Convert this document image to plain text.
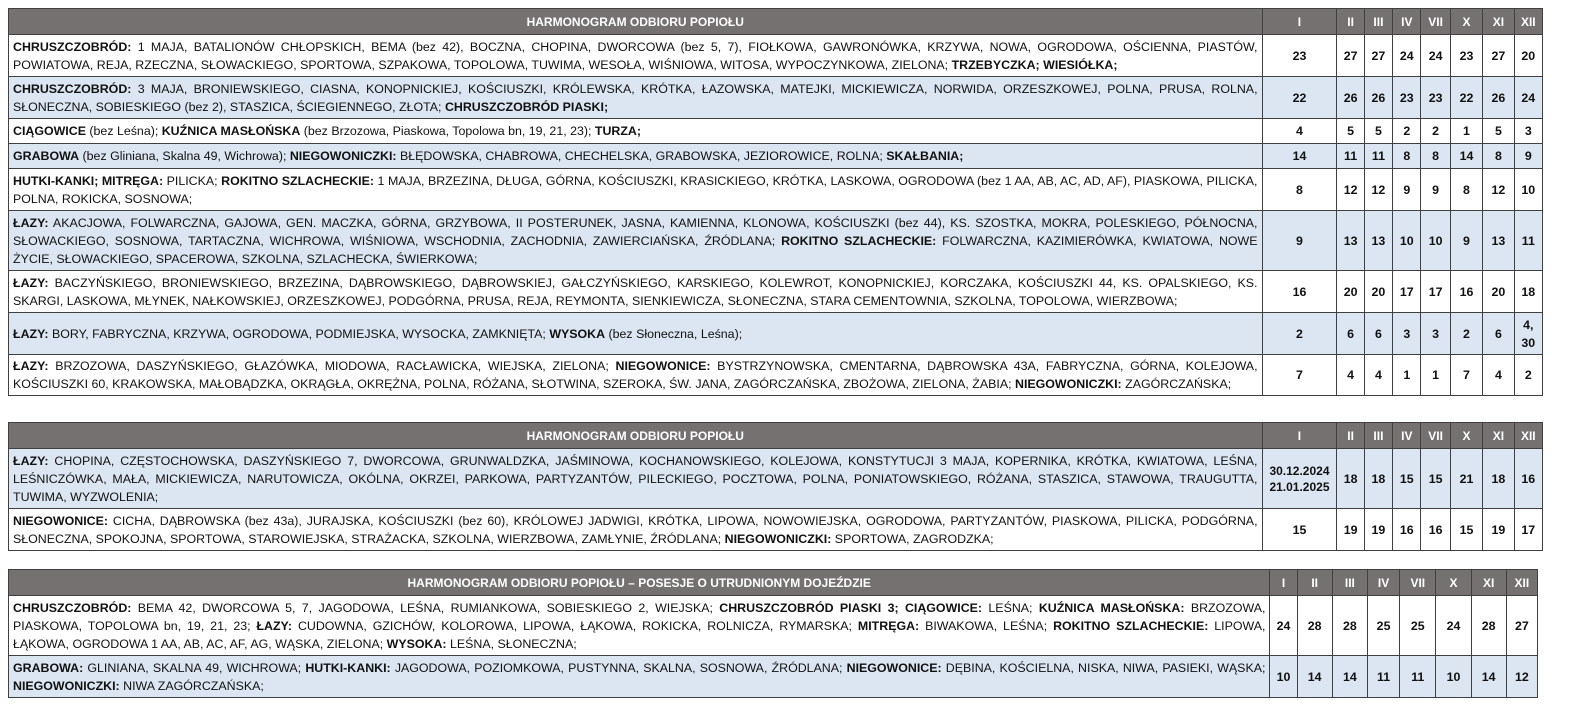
HARMONOGRAM ODBIORU POPIOŁU	I	II	III	IV	VII	X	XI	XII
CHRUSZCZOBRÓD: 1 MAJA, BATALIONÓW CHŁOPSKICH, BEMA (bez 42), BOCZNA, CHOPINA, DWORCOWA (bez 5, 7), FIOŁKOWA, GAWRONÓWKA, KRZYWA, NOWA, OGRODOWA, OŚCIENNA, PIASTÓW, POWIATOWA, REJA, RZECZNA, SŁOWACKIEGO, SPORTOWA, SZPAKOWA, TOPOLOWA, TUWIMA, WESOŁA, WIŚNIOWA, WITOSA, WYPOCZYNKOWA, ZIELONA; TRZEBYCZKA; WIESIÓŁKA;	23	27	27	24	24	23	27	20
CHRUSZCZOBRÓD: 3 MAJA, BRONIEWSKIEGO, CIASNA, KONOPNICKIEJ, KOŚCIUSZKI, KRÓLEWSKA, KRÓTKA, ŁAZOWSKA, MATEJKI, MICKIEWICZA, NORWIDA, ORZESZKOWEJ, POLNA, PRUSA, ROLNA, SŁONECZNA, SOBIESKIEGO (bez 2), STASZICA, ŚCIEGIENNEGO, ZŁOTA; CHRUSZCZOBRÓD PIASKI;	22	26	26	23	23	22	26	24
CIĄGOWICE (bez Leśna); KUŹNICA MASŁOŃSKA (bez Brzozowa, Piaskowa, Topolowa bn, 19, 21, 23); TURZA;	4	5	5	2	2	1	5	3
GRABOWA (bez Gliniana, Skalna 49, Wichrowa); NIEGOWONICZKI: BŁĘDOWSKA, CHABROWA, CHECHELSKA, GRABOWSKA, JEZIOROWICE, ROLNA; SKAŁBANIA;	14	11	11	8	8	14	8	9
HUTKI-KANKI; MITRĘGA: PILICKA; ROKITNO SZLACHECKIE: 1 MAJA, BRZEZINA, DŁUGA, GÓRNA, KOŚCIUSZKI, KRASICKIEGO, KRÓTKA, LASKOWA, OGRODOWA (bez 1 AA, AB, AC, AD, AF), PIASKOWA, PILICKA, POLNA, ROKICKA, SOSNOWA;	8	12	12	9	9	8	12	10
ŁAZY: AKACJOWA, FOLWARCZNA, GAJOWA, GEN. MACZKA, GÓRNA, GRZYBOWA, II POSTERUNEK, JASNA, KAMIENNA, KLONOWA, KOŚCIUSZKI (bez 44), KS. SZOSTKA, MOKRA, POLESKIEGO, PÓŁNOCNA, SŁOWACKIEGO, SOSNOWA, TARTACZNA, WICHROWA, WIŚNIOWA, WSCHODNIA, ZACHODNIA, ZAWIERCIAŃSKA, ŹRÓDLANA; ROKITNO SZLACHECKIE: FOLWARCZNA, KAZIMIERÓWKA, KWIATOWA, NOWE ŻYCIE, SŁOWACKIEGO, SPACEROWA, SZKOLNA, SZLACHECKA, ŚWIERKOWA;	9	13	13	10	10	9	13	11
ŁAZY: BACZYŃSKIEGO, BRONIEWSKIEGO, BRZEZINA, DĄBROWSKIEGO, DĄBROWSKIEJ, GAŁCZYŃSKIEGO, KARSKIEGO, KOLEWROT, KONOPNICKIEJ, KORCZAKA, KOŚCIUSZKI 44, KS. OPALSKIEGO, KS. SKARGI, LASKOWA, MŁYNEK, NAŁKOWSKIEJ, ORZESZKOWEJ, PODGÓRNA, PRUSA, REJA, REYMONTA, SIENKIEWICZA, SŁONECZNA, STARA CEMENTOWNIA, SZKOLNA, TOPOLOWA, WIERZBOWA;	16	20	20	17	17	16	20	18
ŁAZY: BORY, FABRYCZNA, KRZYWA, OGRODOWA, PODMIEJSKA, WYSOCKA, ZAMKNIĘTA; WYSOKA (bez Słoneczna, Leśna);	2	6	6	3	3	2	6	4, 30
ŁAZY: BRZOZOWA, DASZYŃSKIEGO, GŁAZÓWKA, MIODOWA, RACŁAWICKA, WIEJSKA, ZIELONA; NIEGOWONICE: BYSTRZYNOWSKA, CMENTARNA, DĄBROWSKA 43A, FABRYCZNA, GÓRNA, KOLEJOWA, KOŚCIUSZKI 60, KRAKOWSKA, MAŁOBĄDZKA, OKRĄGŁA, OKRĘŻNA, POLNA, RÓŻANA, SŁOTWINA, SZEROKA, ŚW. JANA, ZAGÓRCZAŃSKA, ZBOŻOWA, ZIELONA, ŻABIA; NIEGOWONICZKI: ZAGÓRCZAŃSKA;	7	4	4	1	1	7	4	2
HARMONOGRAM ODBIORU POPIOŁU	I	II	III	IV	VII	X	XI	XII
ŁAZY: CHOPINA, CZĘSTOCHOWSKA, DASZYŃSKIEGO 7, DWORCOWA, GRUNWALDZKA, JAŚMINOWA, KOCHANOWSKIEGO, KOLEJOWA, KONSTYTUCJI 3 MAJA, KOPERNIKA, KRÓTKA, KWIATOWA, LEŚNA, LEŚNICZÓWKA, MAŁA, MICKIEWICZA, NARUTOWICZA, OKÓLNA, OKRZEI, PARKOWA, PARTYZANTÓW, PILECKIEGO, POCZTOWA, POLNA, PONIATOWSKIEGO, RÓŻANA, STASZICA, STAWOWA, TRAUGUTTA, TUWIMA, WYZWOLENIA;	30.12.2024 21.01.2025	18	18	15	15	21	18	16
NIEGOWONICE: CICHA, DĄBROWSKA (bez 43a), JURAJSKA, KOŚCIUSZKI (bez 60), KRÓLOWEJ JADWIGI, KRÓTKA, LIPOWA, NOWOWIEJSKA, OGRODOWA, PARTYZANTÓW, PIASKOWA, PILICKA, PODGÓRNA, SŁONECZNA, SPOKOJNA, SPORTOWA, STAROWIEJSKA, STRAŻACKA, SZKOLNA, WIERZBOWA, ZAMŁYNIE, ŹRÓDLANA; NIEGOWONICZKI: SPORTOWA, ZAGRODZKA;	15	19	19	16	16	15	19	17
HARMONOGRAM ODBIORU POPIOŁU – POSESJE O UTRUDNIONYM DOJEŹDZIE	I	II	III	IV	VII	X	XI	XII
CHRUSZCZOBRÓD: BEMA 42, DWORCOWA 5, 7, JAGODOWA, LEŚNA, RUMIANKOWA, SOBIESKIEGO 2, WIEJSKA; CHRUSZCZOBRÓD PIASKI 3; CIĄGOWICE: LEŚNA; KUŹNICA MASŁOŃSKA: BRZOZOWA, PIASKOWA, TOPOLOWA bn, 19, 21, 23; ŁAZY: CUDOWNA, GZICHÓW, KOLOROWA, LIPOWA, ŁĄKOWA, ROKICKA, ROLNICZA, RYMARSKA; MITRĘGA: BIWAKOWA, LEŚNA; ROKITNO SZLACHECKIE: LIPOWA, ŁĄKOWA, OGRODOWA 1 AA, AB, AC, AF, AG, WĄSKA, ZIELONA; WYSOKA: LEŚNA, SŁONECZNA;	24	28	28	25	25	24	28	27
GRABOWA: GLINIANA, SKALNA 49, WICHROWA; HUTKI-KANKI: JAGODOWA, POZIOMKOWA, PUSTYNNA, SKALNA, SOSNOWA, ŹRÓDLANA; NIEGOWONICE: DĘBINA, KOŚCIELNA, NISKA, NIWA, PASIEKI, WĄSKA; NIEGOWONICZKI: NIWA ZAGÓRCZAŃSKA;	10	14	14	11	11	10	14	12
